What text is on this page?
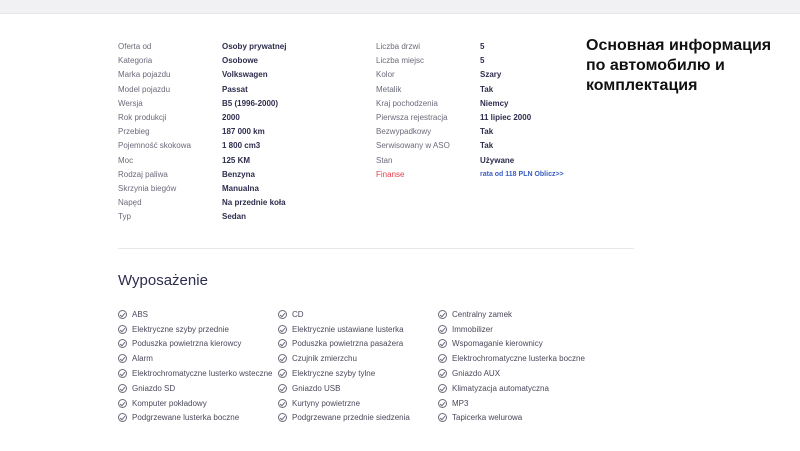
Oferta od	Osoby prywatnej
Kategoria	Osobowe
Marka pojazdu	Volkswagen
Model pojazdu	Passat
Wersja	B5 (1996-2000)
Rok produkcji	2000
Przebieg	187 000 km
Pojemność skokowa	1 800 cm3
Moc	125 KM
Rodzaj paliwa	Benzyna
Skrzynia biegów	Manualna
Napęd	Na przednie koła
Typ	Sedan
Liczba drzwi	5
Liczba miejsc	5
Kolor	Szary
Metalik	Tak
Kraj pochodzenia	Niemcy
Pierwsza rejestracja	11 lipiec 2000
Bezwypadkowy	Tak
Serwisowany w ASO	Tak
Stan	Używane
Finanse	rata od 118 PLN Oblicz>>
Основная информация по автомобилю и комплектация
Wyposażenie
ABS
Elektryczne szyby przednie
Poduszka powietrzna kierowcy
Alarm
Elektrochromatyczne lusterko wsteczne
Gniazdo SD
Komputer pokładowy
Podgrzewane lusterka boczne
CD
Elektrycznie ustawiane lusterka
Poduszka powietrzna pasażera
Czujnik zmierzchu
Elektryczne szyby tylne
Gniazdo USB
Kurtyny powietrzne
Podgrzewane przednie siedzenia
Centralny zamek
Immobilizer
Wspomaganie kierownicy
Elektrochromatyczne lusterka boczne
Gniazdo AUX
Klimatyzacja automatyczna
MP3
Tapicerka welurowa
